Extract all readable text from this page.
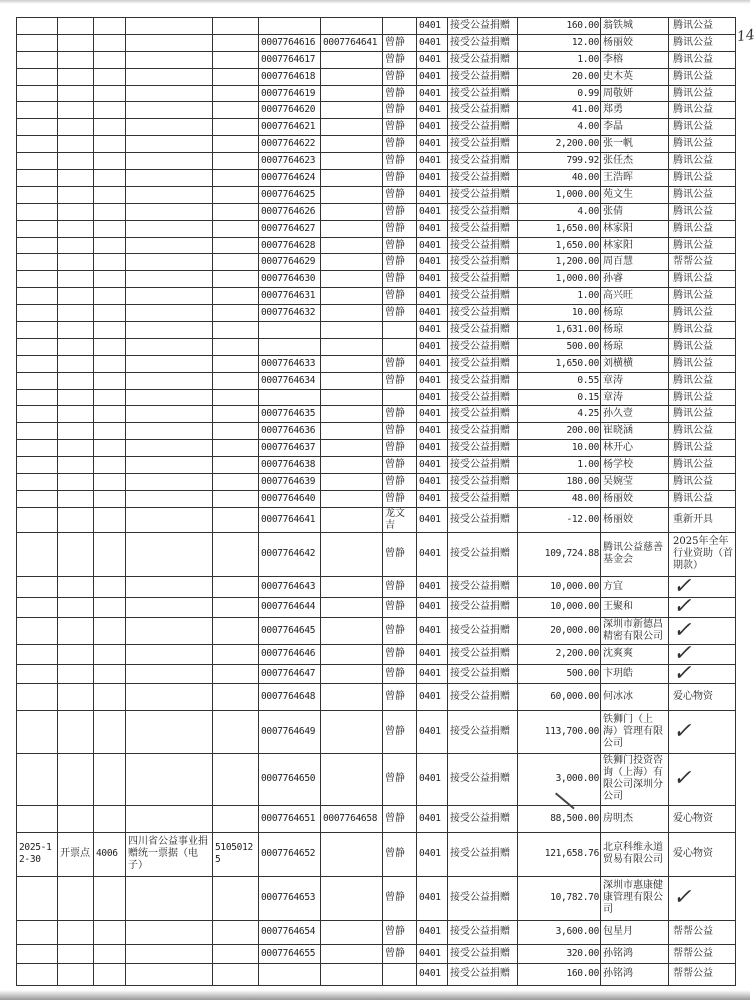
14
								0401	接受公益捐赠	160.00	翁铁城	腾讯公益
					0007764616	0007764641	曾静	0401	接受公益捐赠	12.00	杨丽姣	腾讯公益
					0007764617		曾静	0401	接受公益捐赠	1.00	李榕	腾讯公益
					0007764618		曾静	0401	接受公益捐赠	20.00	史木英	腾讯公益
					0007764619		曾静	0401	接受公益捐赠	0.99	周敬妍	腾讯公益
					0007764620		曾静	0401	接受公益捐赠	41.00	郑勇	腾讯公益
					0007764621		曾静	0401	接受公益捐赠	4.00	李晶	腾讯公益
					0007764622		曾静	0401	接受公益捐赠	2,200.00	张一帆	腾讯公益
					0007764623		曾静	0401	接受公益捐赠	799.92	张任杰	腾讯公益
					0007764624		曾静	0401	接受公益捐赠	40.00	王浩晖	腾讯公益
					0007764625		曾静	0401	接受公益捐赠	1,000.00	苑文生	腾讯公益
					0007764626		曾静	0401	接受公益捐赠	4.00	张倩	腾讯公益
					0007764627		曾静	0401	接受公益捐赠	1,650.00	林家阳	腾讯公益
					0007764628		曾静	0401	接受公益捐赠	1,650.00	林家阳	腾讯公益
					0007764629		曾静	0401	接受公益捐赠	1,200.00	周百慧	帮帮公益
					0007764630		曾静	0401	接受公益捐赠	1,000.00	孙睿	腾讯公益
					0007764631		曾静	0401	接受公益捐赠	1.00	高兴旺	腾讯公益
					0007764632		曾静	0401	接受公益捐赠	10.00	杨琼	腾讯公益
								0401	接受公益捐赠	1,631.00	杨琼	腾讯公益
								0401	接受公益捐赠	500.00	杨琼	腾讯公益
					0007764633		曾静	0401	接受公益捐赠	1,650.00	刘横横	腾讯公益
					0007764634		曾静	0401	接受公益捐赠	0.55	章涛	腾讯公益
								0401	接受公益捐赠	0.15	章涛	腾讯公益
					0007764635		曾静	0401	接受公益捐赠	4.25	孙久壹	腾讯公益
					0007764636		曾静	0401	接受公益捐赠	200.00	崔晓涵	腾讯公益
					0007764637		曾静	0401	接受公益捐赠	10.00	林开心	腾讯公益
					0007764638		曾静	0401	接受公益捐赠	1.00	杨学校	腾讯公益
					0007764639		曾静	0401	接受公益捐赠	180.00	吴婉莹	腾讯公益
					0007764640		曾静	0401	接受公益捐赠	48.00	杨丽姣	腾讯公益
					0007764641		龙文吉	0401	接受公益捐赠	-12.00	杨丽姣	重新开具
					0007764642		曾静	0401	接受公益捐赠	109,724.88	腾讯公益慈善基金会	2025年全年行业资助（首期款）
					0007764643		曾静	0401	接受公益捐赠	10,000.00	方宜	✓
					0007764644		曾静	0401	接受公益捐赠	10,000.00	王聚和	✓
					0007764645		曾静	0401	接受公益捐赠	20,000.00	深圳市新德昌精密有限公司	✓
					0007764646		曾静	0401	接受公益捐赠	2,200.00	沈爽爽	✓
					0007764647		曾静	0401	接受公益捐赠	500.00	卞玥皓	✓
					0007764648		曾静	0401	接受公益捐赠	60,000.00	何冰冰	爱心物资
					0007764649		曾静	0401	接受公益捐赠	113,700.00	铁狮门（上海）管理有限公司	✓
					0007764650		曾静	0401	接受公益捐赠	3,000.00	铁狮门投资咨询（上海）有限公司深圳分公司	✓
					0007764651	0007764658	曾静	0401	接受公益捐赠	88,500.00	房明杰	爱心物资
2025-12-30	开票点	4006	四川省公益事业捐赠统一票据（电子）	51050125	0007764652		曾静	0401	接受公益捐赠	121,658.76	北京科维永道贸易有限公司	爱心物资
					0007764653		曾静	0401	接受公益捐赠	10,782.70	深圳市惠康健康管理有限公司	✓
					0007764654		曾静	0401	接受公益捐赠	3,600.00	包星月	帮帮公益
					0007764655		曾静	0401	接受公益捐赠	320.00	孙铭鸿	帮帮公益
								0401	接受公益捐赠	160.00	孙铭鸿	帮帮公益
